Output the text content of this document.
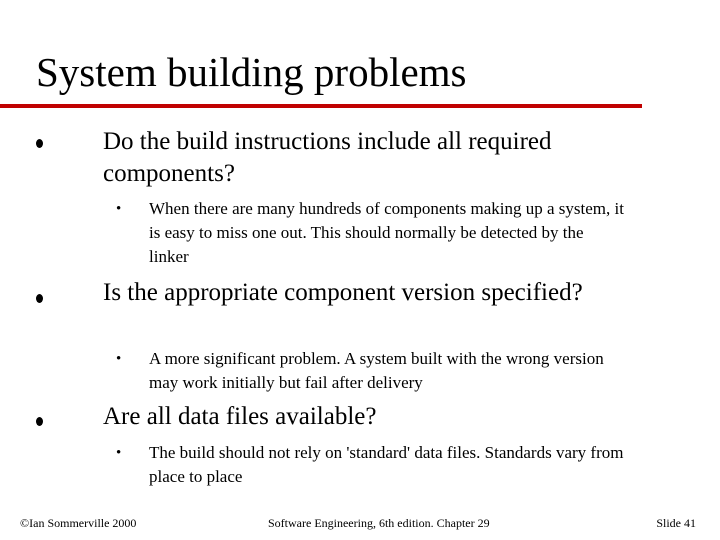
System building problems
Do the build instructions include all required components?
• When there are many hundreds of components making up a system, it is easy to miss one out. This should normally be detected by the linker
Is the appropriate component version specified?
• A more significant problem. A system built with the wrong version may work initially but fail after delivery
Are all data files available?
• The build should not rely on 'standard' data files. Standards vary from place to place
©Ian Sommerville 2000	Software Engineering, 6th edition. Chapter 29	Slide 41
